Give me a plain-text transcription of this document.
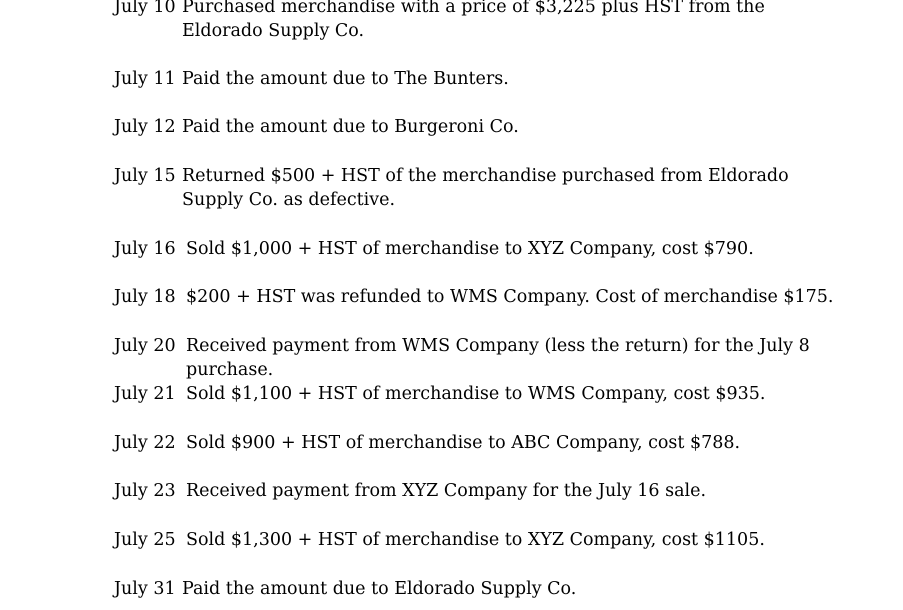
July 10 Purchased merchandise with a price of $3,225 plus HST from the Eldorado Supply Co.
July 11 Paid the amount due to The Bunters.
July 12 Paid the amount due to Burgeroni Co.
July 15 Returned $500 + HST of the merchandise purchased from Eldorado Supply Co. as defective.
July 16 Sold $1,000 + HST of merchandise to XYZ Company, cost $790.
July 18 $200 + HST was refunded to WMS Company. Cost of merchandise $175.
July 20 Received payment from WMS Company (less the return) for the July 8 purchase.
July 21 Sold $1,100 + HST of merchandise to WMS Company, cost $935.
July 22 Sold $900 + HST of merchandise to ABC Company, cost $788.
July 23 Received payment from XYZ Company for the July 16 sale.
July 25 Sold $1,300 + HST of merchandise to XYZ Company, cost $1105.
July 31 Paid the amount due to Eldorado Supply Co.
